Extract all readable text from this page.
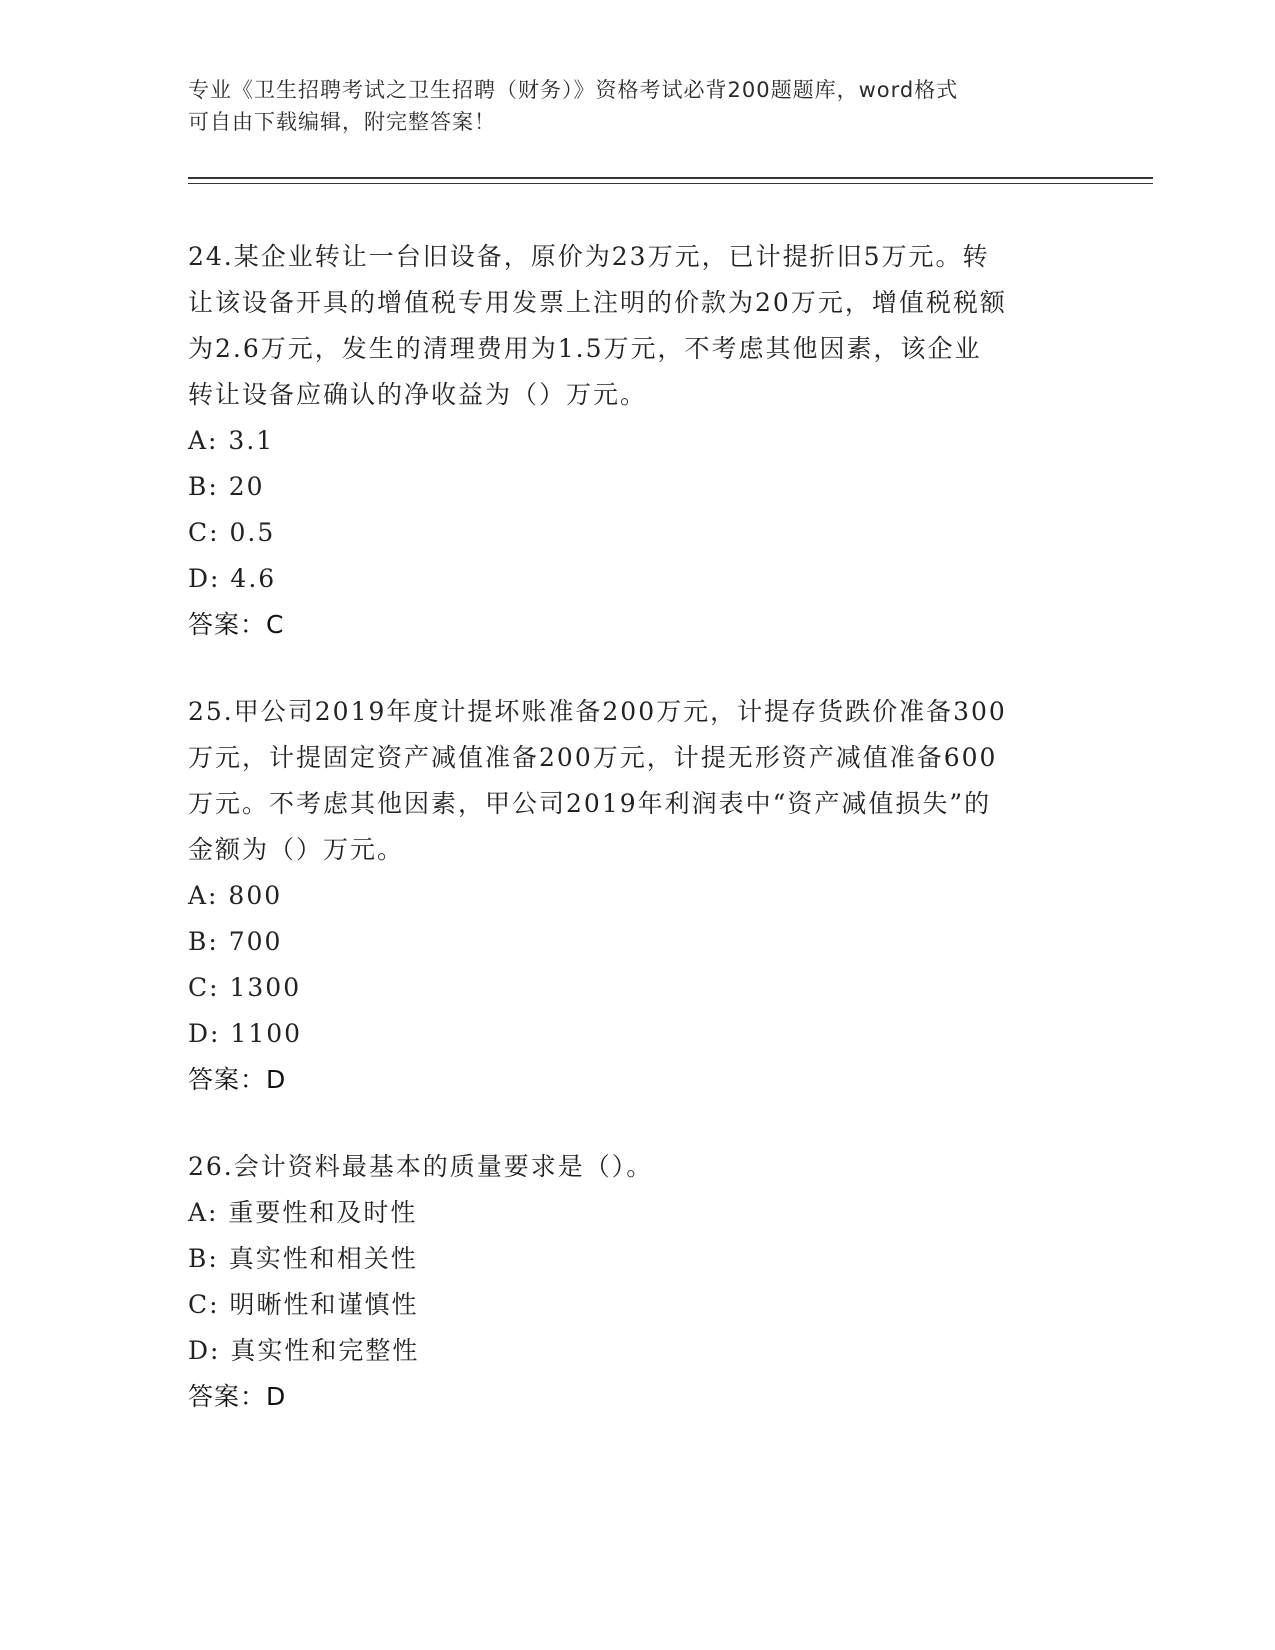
专业《卫生招聘考试之卫生招聘（财务）》资格考试必背200题题库，word格式
可自由下载编辑，附完整答案！

24.某企业转让一台旧设备，原价为23万元，已计提折旧5万元。转

让该设备开具的增值税专用发票上注明的价款为20万元，增值税税额

为2.6万元，发生的清理费用为1.5万元，不考虑其他因素，该企业

转让设备应确认的净收益为（）万元。

A: 3.1

B: 20

C: 0.5

D: 4.6

答案：C

25.甲公司2019年度计提坏账准备200万元，计提存货跌价准备300

万元，计提固定资产减值准备200万元，计提无形资产减值准备600

万元。不考虑其他因素，甲公司2019年利润表中“资产减值损失”的

金额为（）万元。

A: 800

B: 700

C: 1300

D: 1100

答案：D

26.会计资料最基本的质量要求是（）。

A: 重要性和及时性

B: 真实性和相关性

C: 明晰性和谨慎性

D: 真实性和完整性

答案：D
